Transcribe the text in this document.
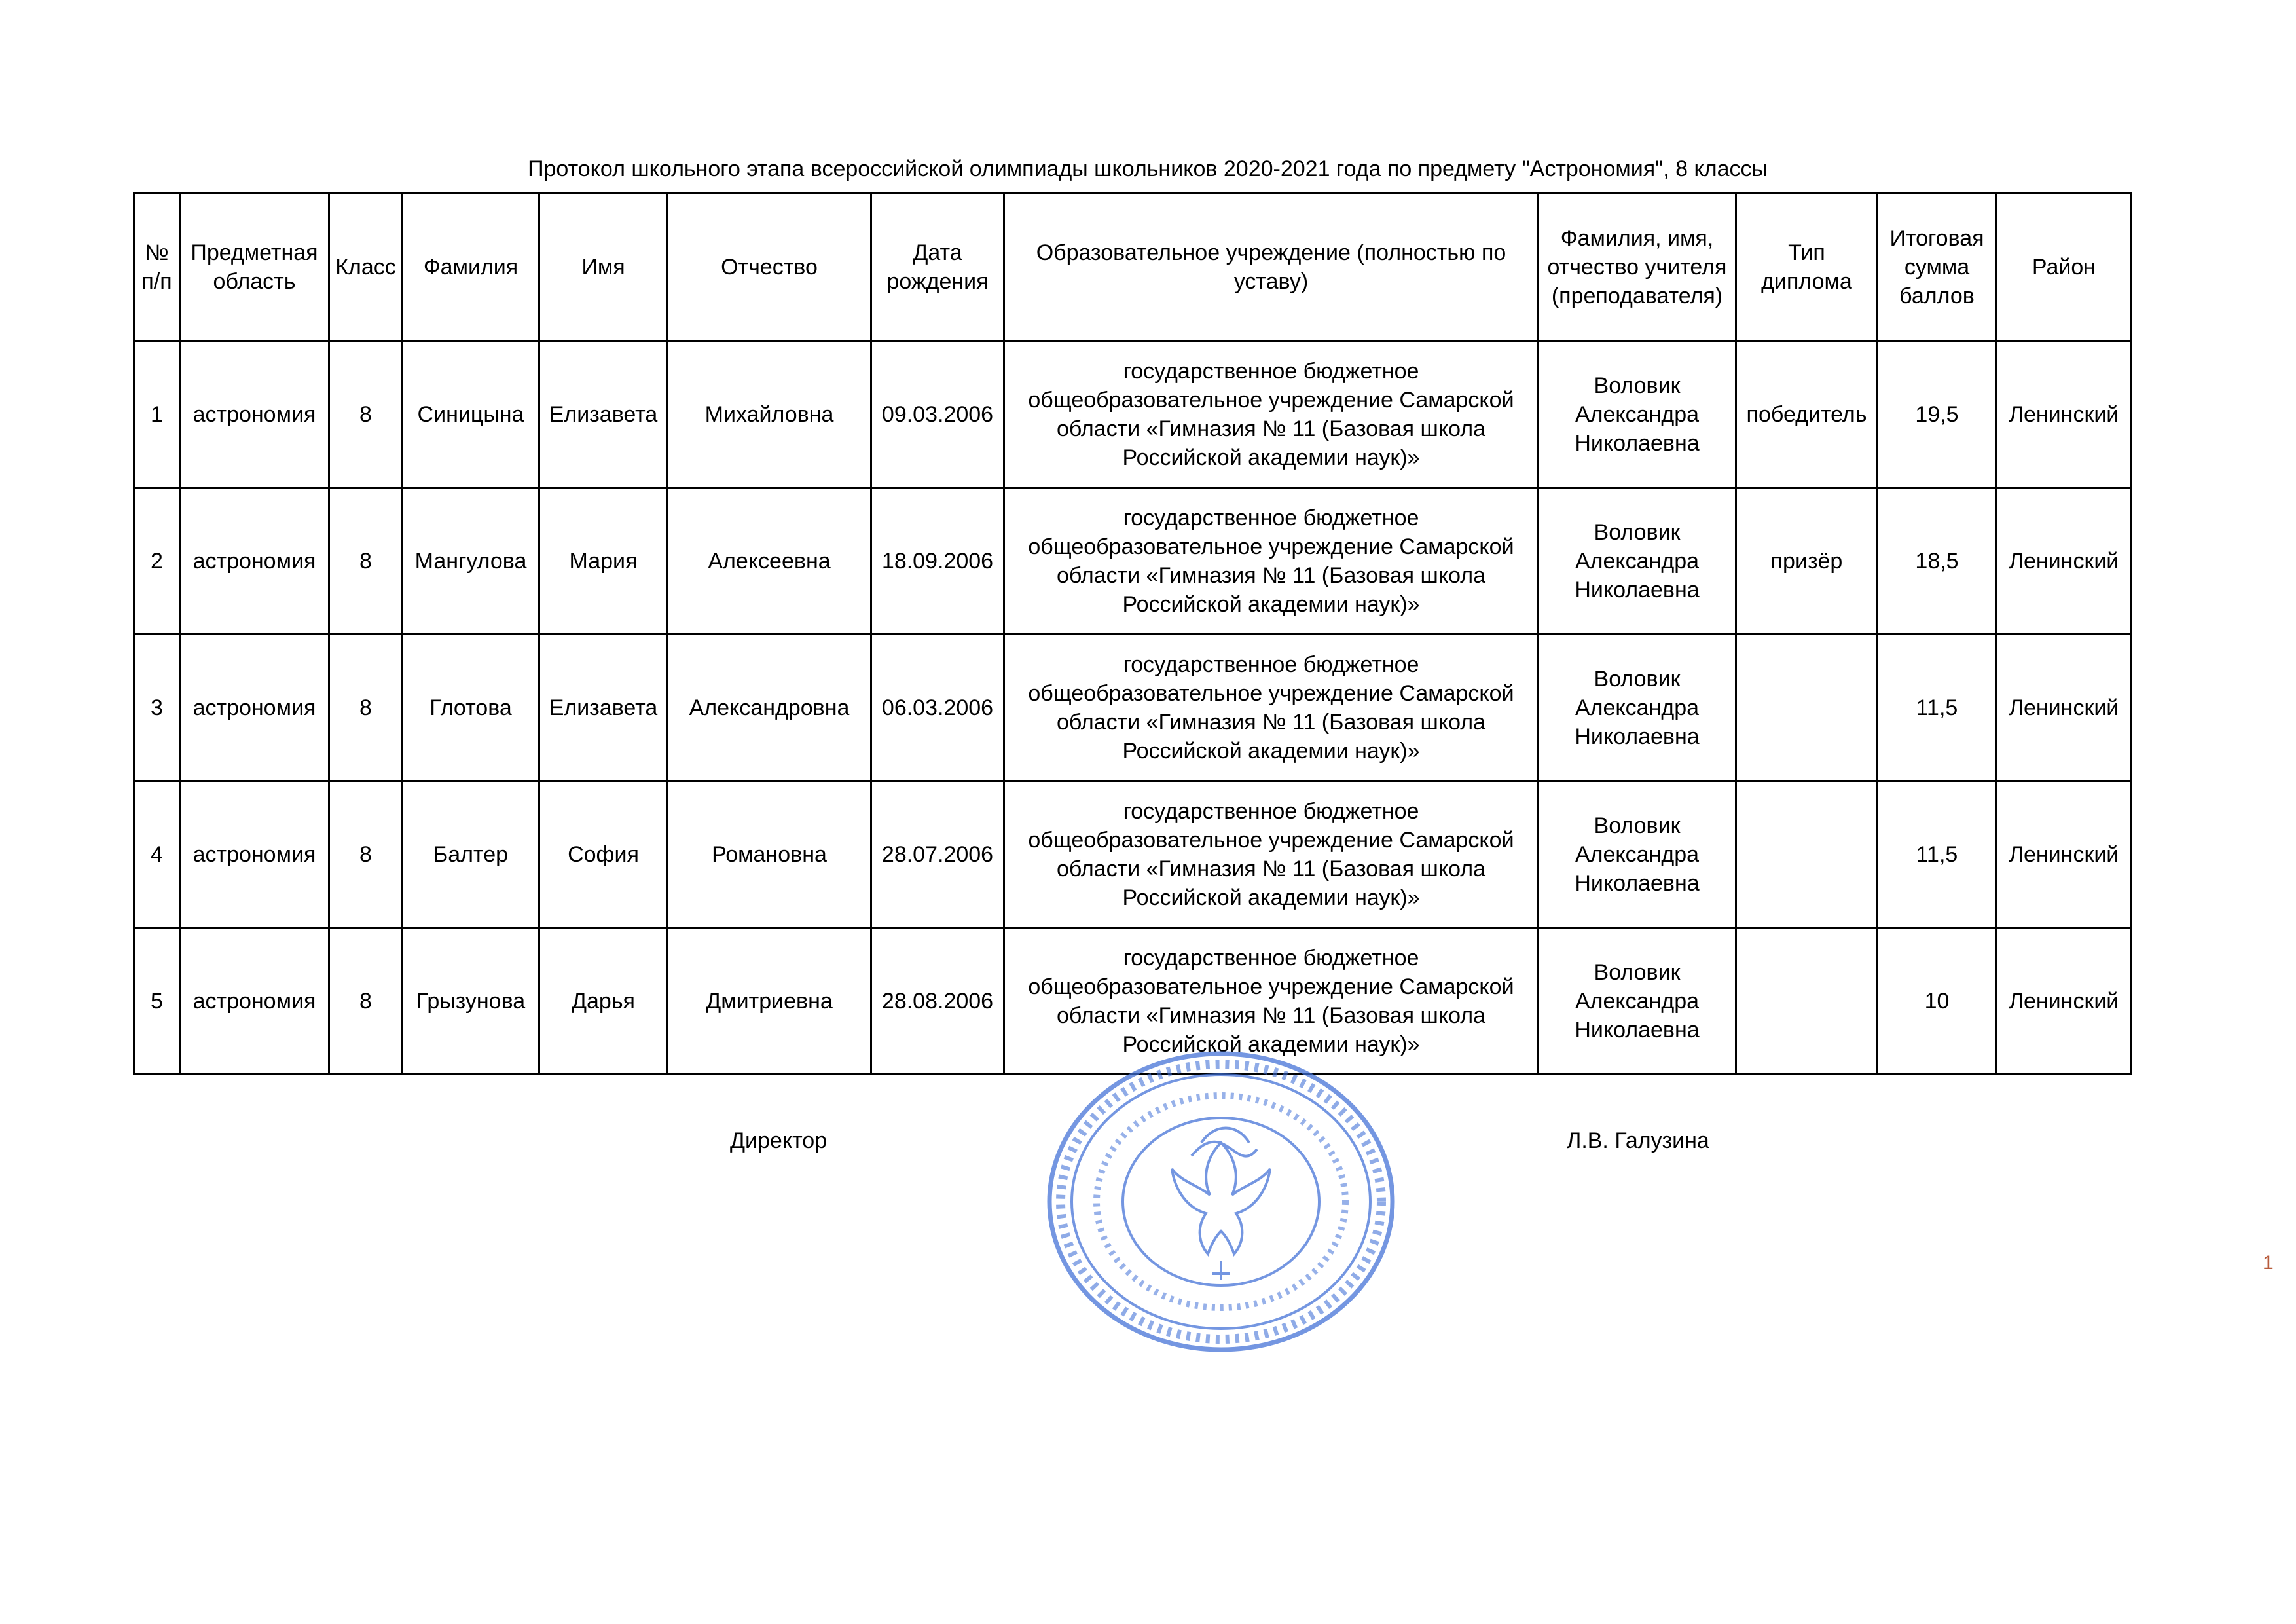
Протокол школьного этапа всероссийской олимпиады школьников 2020-2021 года по предмету "Астрономия", 8 классы
№ п/п	Предметная область	Класс	Фамилия	Имя	Отчество	Дата рождения	Образовательное учреждение (полностью по уставу)	Фамилия, имя, отчество учителя (преподавателя)	Тип диплома	Итоговая сумма баллов	Район
1	астрономия	8	Синицына	Елизавета	Михайловна	09.03.2006	государственное бюджетное общеобразовательное учреждение Самарской области «Гимназия № 11 (Базовая школа Российской академии наук)»	Воловик Александра Николаевна	победитель	19,5	Ленинский
2	астрономия	8	Мангулова	Мария	Алексеевна	18.09.2006	государственное бюджетное общеобразовательное учреждение Самарской области «Гимназия № 11 (Базовая школа Российской академии наук)»	Воловик Александра Николаевна	призёр	18,5	Ленинский
3	астрономия	8	Глотова	Елизавета	Александровна	06.03.2006	государственное бюджетное общеобразовательное учреждение Самарской области «Гимназия № 11 (Базовая школа Российской академии наук)»	Воловик Александра Николаевна		11,5	Ленинский
4	астрономия	8	Балтер	София	Романовна	28.07.2006	государственное бюджетное общеобразовательное учреждение Самарской области «Гимназия № 11 (Базовая школа Российской академии наук)»	Воловик Александра Николаевна		11,5	Ленинский
5	астрономия	8	Грызунова	Дарья	Дмитриевна	28.08.2006	государственное бюджетное общеобразовательное учреждение Самарской области «Гимназия № 11 (Базовая школа Российской академии наук)»	Воловик Александра Николаевна		10	Ленинский
Директор	Л.В. Галузина
1
